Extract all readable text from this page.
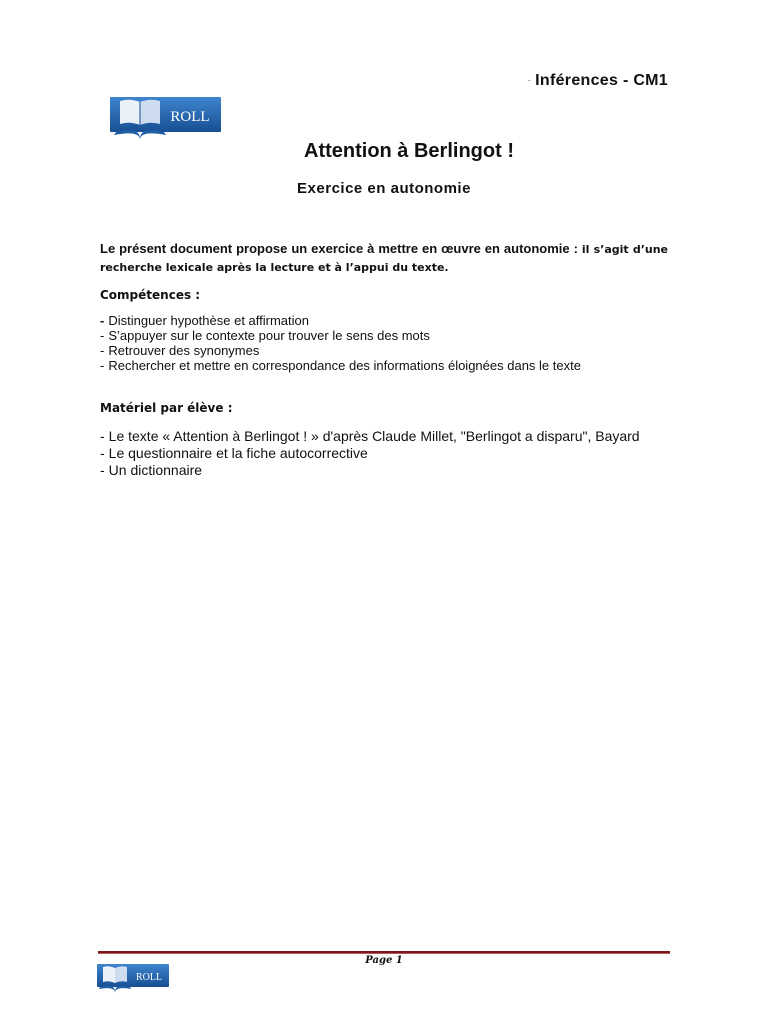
· Inférences - CM1
ROLL
Attention à Berlingot !
Exercice en autonomie
Le présent document propose un exercice à mettre en œuvre en autonomie : il s’agit d’une recherche lexicale après la lecture et à l’appui du texte.
Compétences :
- Distinguer hypothèse et affirmation
- S’appuyer sur le contexte pour trouver le sens des mots
- Retrouver des synonymes
- Rechercher et mettre en correspondance des informations éloignées dans le texte
Matériel par élève :
- Le texte « Attention à Berlingot ! » d'après Claude Millet, "Berlingot a disparu", Bayard
- Le questionnaire et la fiche autocorrective
- Un dictionnaire
Page 1
ROLL
